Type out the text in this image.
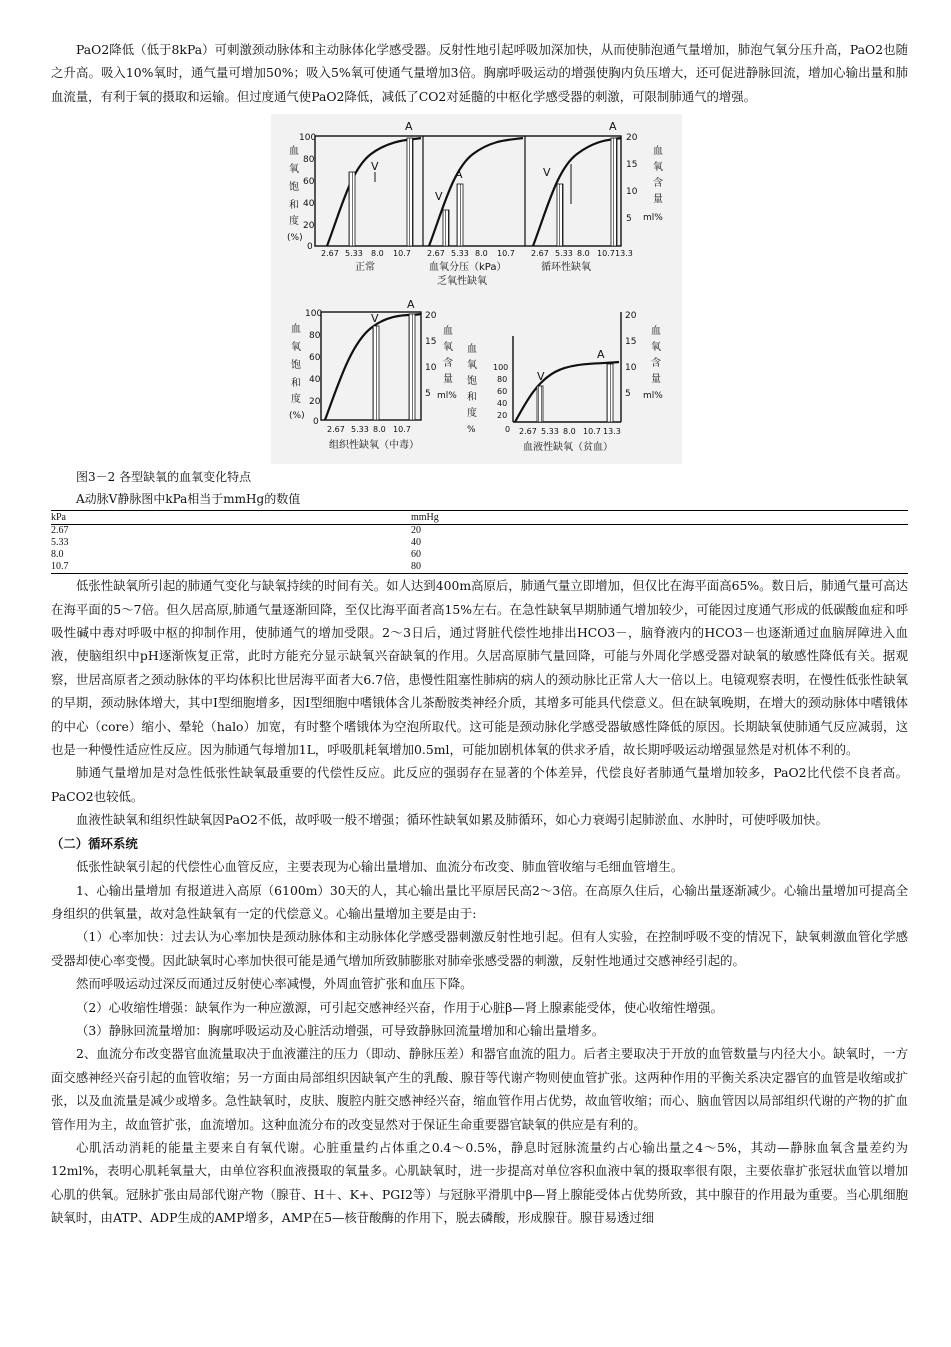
PaO2降低（低于8kPa）可刺激颈动脉体和主动脉体化学感受器。反射性地引起呼吸加深加快，从而使肺泡通气量增加，肺泡气氧分压升高，PaO2也随之升高。吸入10%氧时，通气量可增加50%；吸入5%氧可使通气量增加3倍。胸廓呼吸运动的增强使胸内负压增大，还可促进静脉回流，增加心输出量和肺血流量，有利于氧的摄取和运输。但过度通气使PaO2降低，减低了CO2对延髓的中枢化学感受器的刺激，可限制肺通气的增强。

血
氧
饱
和
度
(%)
100
80
60
40
20
0
20
15
10
5
血
氧
含
量
ml%
A
V
A
V
A
V
2.67 5.33 8.0 10.7 2.67 5.33 8.0 10.7 2.67 5.33 8.0 10.7 13.3
正常	血氧分压（kPa）
乏氧性缺氧
循环性缺氧
A
V
血
氧
饱
和
度
(%)
100
80
60
40
20
0
20
15
10
5
血
氧
含
量
ml%
2.67 5.33 8.0 10.7
组织性缺氧（中毒）
A
V
血
氧
饱
和
度
%
100
80
60
40
20
0
20
15
10
5
血
氧
含
量
ml%
2.67 5.33 8.0 10.7 13.3
血液性缺氧（贫血）
图3－2 各型缺氧的血氧变化特点
A动脉V静脉图中kPa相当于mmHg的数值
kPa	mmHg
2.67	20
5.33	40
8.0	60
10.7	80

低张性缺氧所引起的肺通气变化与缺氧持续的时间有关。如人达到400m高原后，肺通气量立即增加，但仅比在海平面高65%。数日后，肺通气量可高达在海平面的5～7倍。但久居高原,肺通气量逐渐回降，至仅比海平面者高15%左右。在急性缺氧早期肺通气增加较少，可能因过度通气形成的低碳酸血症和呼吸性碱中毒对呼吸中枢的抑制作用，使肺通气的增加受限。2～3日后，通过肾脏代偿性地排出HCO3－，脑脊液内的HCO3－也逐渐通过血脑屏障进入血液，使脑组织中pH逐渐恢复正常，此时方能充分显示缺氧兴奋缺氧的作用。久居高原肺气量回降，可能与外周化学感受器对缺氧的敏感性降低有关。据观察，世居高原者之颈动脉体的平均体积比世居海平面者大6.7倍，患慢性阻塞性肺病的病人的颈动脉比正常人大一倍以上。电镜观察表明，在慢性低张性缺氧的早期，颈动脉体增大，其中I型细胞增多，因I型细胞中嗜锇体含儿茶酚胺类神经介质，其增多可能具代偿意义。但在缺氧晚期，在增大的颈动脉体中嗜锇体的中心（core）缩小、晕轮（halo）加宽，有时整个嗜锇体为空泡所取代。这可能是颈动脉化学感受器敏感性降低的原因。长期缺氧使肺通气反应减弱，这也是一种慢性适应性反应。因为肺通气每增加1L，呼吸肌耗氧增加0.5ml，可能加剧机体氧的供求矛盾，故长期呼吸运动增强显然是对机体不利的。

肺通气量增加是对急性低张性缺氧最重要的代偿性反应。此反应的强弱存在显著的个体差异，代偿良好者肺通气量增加较多，PaO2比代偿不良者高。PaCO2也较低。

血液性缺氧和组织性缺氧因PaO2不低，故呼吸一般不增强；循环性缺氧如累及肺循环，如心力衰竭引起肺淤血、水肿时，可使呼吸加快。

（二）循环系统

低张性缺氧引起的代偿性心血管反应，主要表现为心输出量增加、血流分布改变、肺血管收缩与毛细血管增生。

1、心输出量增加 有报道进入高原（6100m）30天的人，其心输出量比平原居民高2～3倍。在高原久住后，心输出量逐渐减少。心输出量增加可提高全身组织的供氧量，故对急性缺氧有一定的代偿意义。心输出量增加主要是由于:

（1）心率加快：过去认为心率加快是颈动脉体和主动脉体化学感受器刺激反射性地引起。但有人实验，在控制呼吸不变的情况下，缺氧刺激血管化学感受器却使心率变慢。因此缺氧时心率加快很可能是通气增加所致肺膨胀对肺牵张感受器的刺激，反射性地通过交感神经引起的。

然而呼吸运动过深反而通过反射使心率减慢，外周血管扩张和血压下降。

（2）心收缩性增强：缺氧作为一种应激源，可引起交感神经兴奋，作用于心脏β—肾上腺素能受体，使心收缩性增强。

（3）静脉回流量增加：胸廓呼吸运动及心脏活动增强，可导致静脉回流量增加和心输出量增多。

2、血流分布改变器官血流量取决于血液灌注的压力（即动、静脉压差）和器官血流的阻力。后者主要取决于开放的血管数量与内径大小。缺氧时，一方面交感神经兴奋引起的血管收缩；另一方面由局部组织因缺氧产生的乳酸、腺苷等代谢产物则使血管扩张。这两种作用的平衡关系决定器官的血管是收缩或扩张，以及血流量是减少或增多。急性缺氧时，皮肤、腹腔内脏交感神经兴奋，缩血管作用占优势，故血管收缩；而心、脑血管因以局部组织代谢的产物的扩血管作用为主，故血管扩张，血流增加。这种血流分布的改变显然对于保证生命重要器官缺氧的供应是有利的。

心肌活动消耗的能量主要来自有氧代谢。心脏重量约占体重之0.4～0.5%，静息时冠脉流量约占心输出量之4～5%，其动—静脉血氧含量差约为12ml%，表明心肌耗氧量大，由单位容积血液摄取的氧量多。心肌缺氧时，进一步提高对单位容积血液中氧的摄取率很有限，主要依靠扩张冠状血管以增加心肌的供氧。冠脉扩张由局部代谢产物（腺苷、H＋、K+、PGI2等）与冠脉平滑肌中β—肾上腺能受体占优势所致，其中腺苷的作用最为重要。当心肌细胞缺氧时，由ATP、ADP生成的AMP增多，AMP在5—核苷酸酶的作用下，脱去磷酸，形成腺苷。腺苷易透过细
